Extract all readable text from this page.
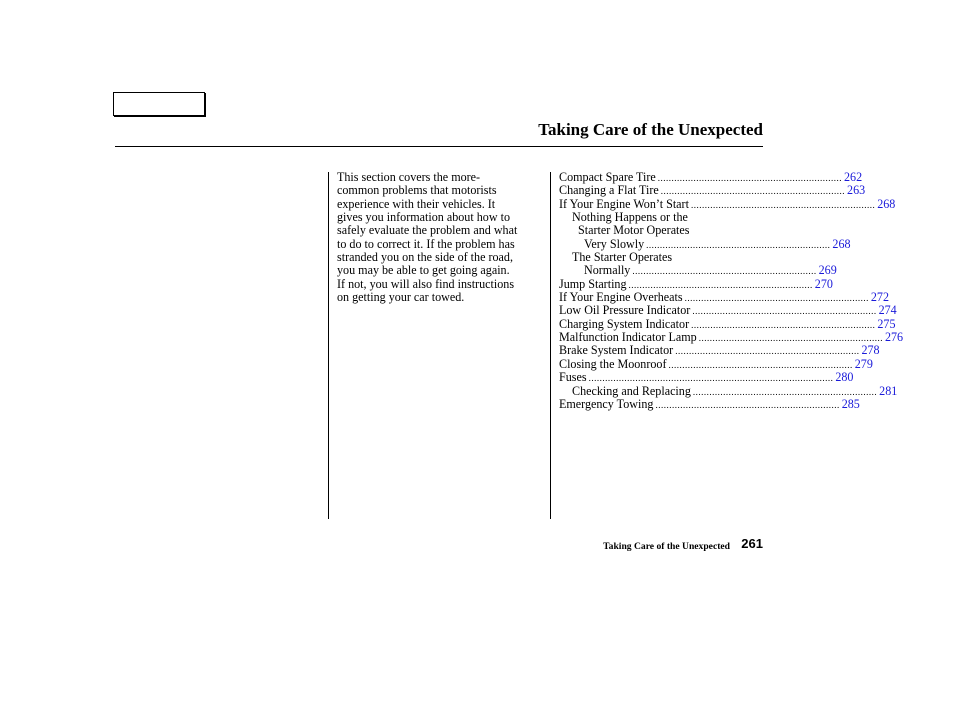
Taking Care of the Unexpected

This section covers the more-
common problems that motorists
experience with their vehicles. It
gives you information about how to
safely evaluate the problem and what
to do to correct it. If the problem has
stranded you on the side of the road,
you may be able to get going again.
If not, you will also find instructions
on getting your car towed.

Compact Spare Tire ................................................................... 262
Changing a Flat Tire ................................................................... 263
If Your Engine Won’t Start ................................................................... 268
Nothing Happens or the
Starter Motor Operates
Very Slowly ................................................................... 268
The Starter Operates
Normally ................................................................... 269
Jump Starting ................................................................... 270
If Your Engine Overheats ................................................................... 272
Low Oil Pressure Indicator ................................................................... 274
Charging System Indicator ................................................................... 275
Malfunction Indicator Lamp ................................................................... 276
Brake System Indicator ................................................................... 278
Closing the Moonroof ................................................................... 279
Fuses ......................................................................................... 280
Checking and Replacing ................................................................... 281
Emergency Towing ................................................................... 285
Taking Care of the Unexpected 261
